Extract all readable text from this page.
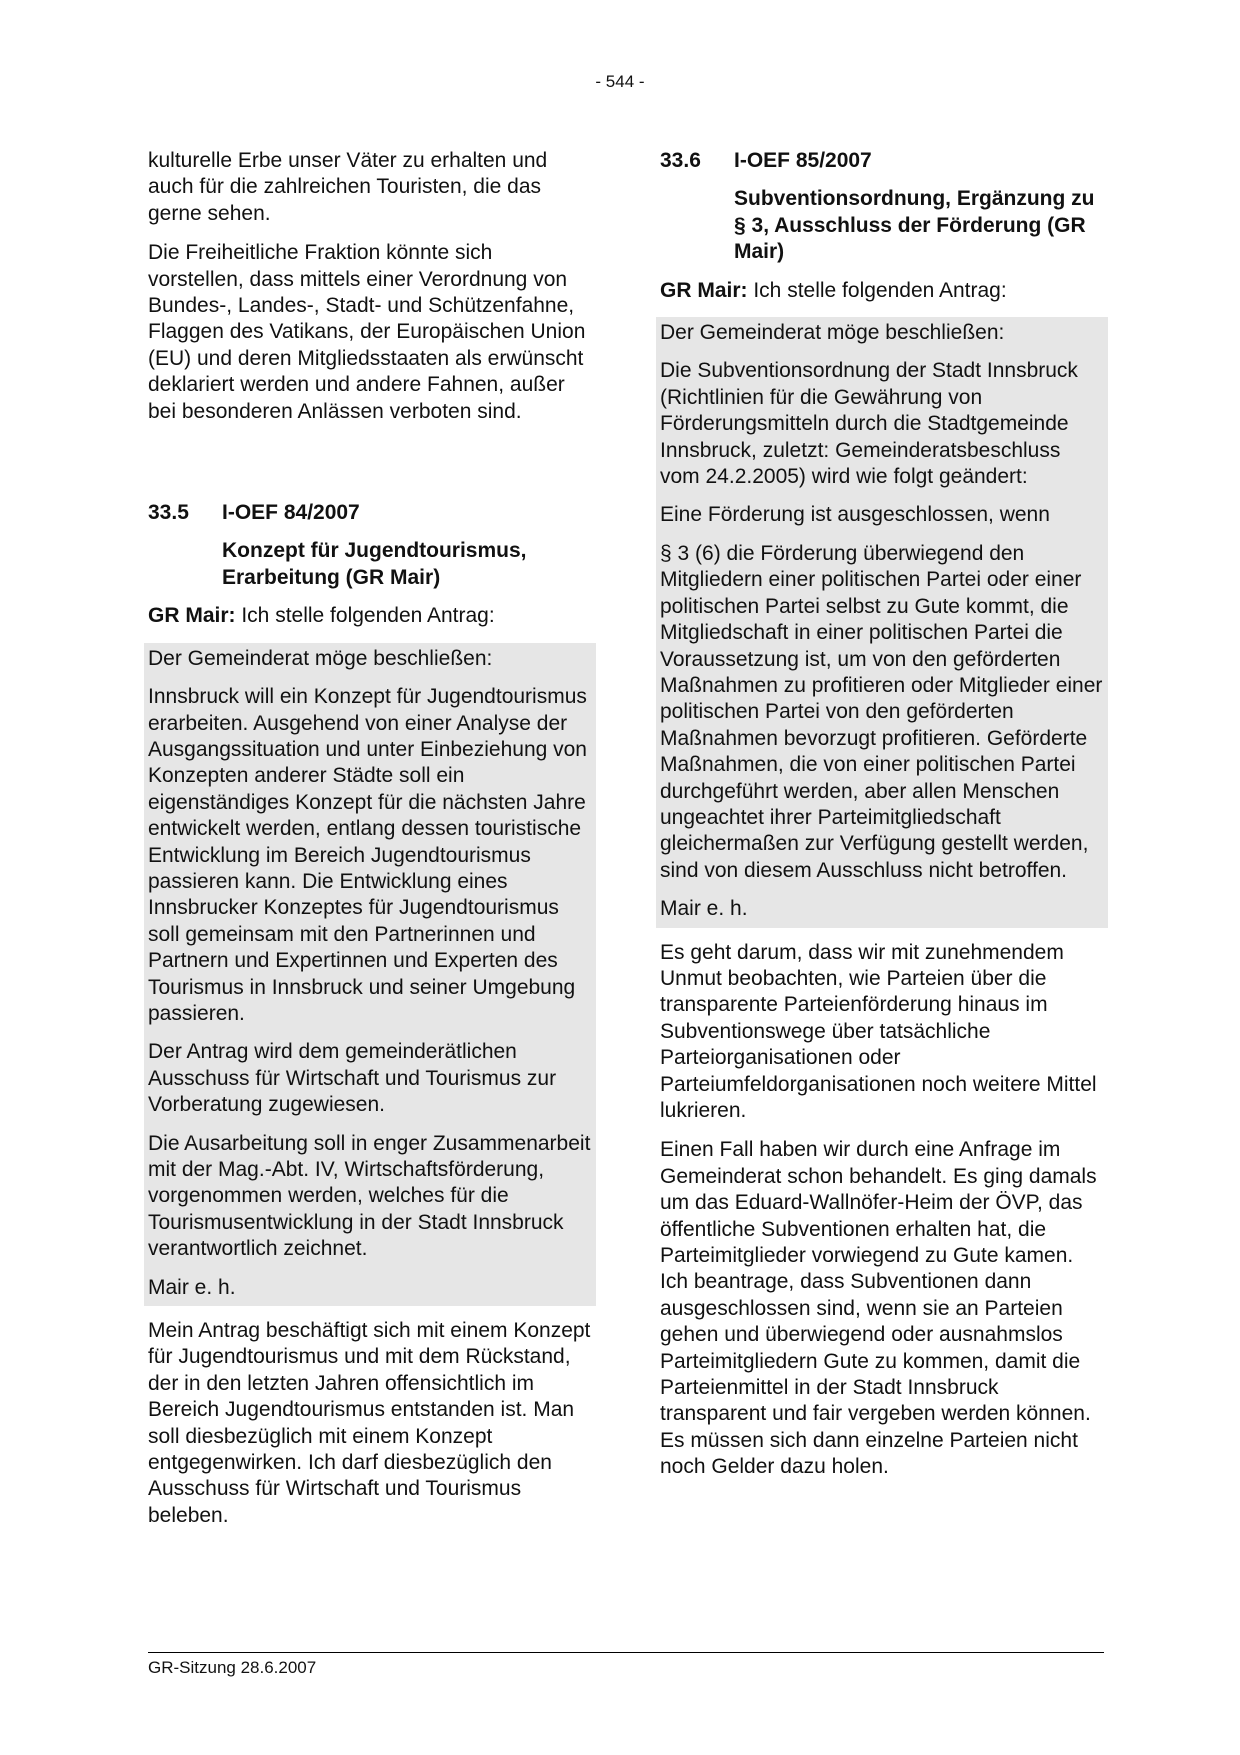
- 544 -

kulturelle Erbe unser Väter zu erhalten und auch für die zahlreichen Touristen, die das gerne sehen.

Die Freiheitliche Fraktion könnte sich vorstellen, dass mittels einer Verordnung von Bundes-, Landes-, Stadt- und Schützenfahne, Flaggen des Vatikans, der Europäischen Union (EU) und deren Mitgliedsstaaten als erwünscht deklariert werden und andere Fahnen, außer bei besonderen Anlässen verboten sind.

33.5	I-OEF 84/2007

Konzept für Jugendtourismus, Erarbeitung (GR Mair)

GR Mair: Ich stelle folgenden Antrag:

Der Gemeinderat möge beschließen:

Innsbruck will ein Konzept für Jugendtourismus erarbeiten. Ausgehend von einer Analyse der Ausgangssituation und unter Einbeziehung von Konzepten anderer Städte soll ein eigenständiges Konzept für die nächsten Jahre entwickelt werden, entlang dessen touristische Entwicklung im Bereich Jugendtourismus passieren kann. Die Entwicklung eines Innsbrucker Konzeptes für Jugendtourismus soll gemeinsam mit den Partnerinnen und Partnern und Expertinnen und Experten des Tourismus in Innsbruck und seiner Umgebung passieren.

Der Antrag wird dem gemeinderätlichen Ausschuss für Wirtschaft und Tourismus zur Vorberatung zugewiesen.

Die Ausarbeitung soll in enger Zusammenarbeit mit der Mag.-Abt. IV, Wirtschaftsförderung, vorgenommen werden, welches für die Tourismusentwicklung in der Stadt Innsbruck verantwortlich zeichnet.

Mair e. h.

Mein Antrag beschäftigt sich mit einem Konzept für Jugendtourismus und mit dem Rückstand, der in den letzten Jahren offensichtlich im Bereich Jugendtourismus entstanden ist. Man soll diesbezüglich mit einem Konzept entgegenwirken. Ich darf diesbezüglich den Ausschuss für Wirtschaft und Tourismus beleben.

33.6	I-OEF 85/2007

Subventionsordnung, Ergänzung zu § 3, Ausschluss der Förderung (GR Mair)

GR Mair: Ich stelle folgenden Antrag:

Der Gemeinderat möge beschließen:

Die Subventionsordnung der Stadt Innsbruck (Richtlinien für die Gewährung von Förderungsmitteln durch die Stadtgemeinde Innsbruck, zuletzt: Gemeinderatsbeschluss vom 24.2.2005) wird wie folgt geändert:

Eine Förderung ist ausgeschlossen, wenn

§ 3 (6) die Förderung überwiegend den Mitgliedern einer politischen Partei oder einer politischen Partei selbst zu Gute kommt, die Mitgliedschaft in einer politischen Partei die Voraussetzung ist, um von den geförderten Maßnahmen zu profitieren oder Mitglieder einer politischen Partei von den geförderten Maßnahmen bevorzugt profitieren. Geförderte Maßnahmen, die von einer politischen Partei durchgeführt werden, aber allen Menschen ungeachtet ihrer Parteimitgliedschaft gleichermaßen zur Verfügung gestellt werden, sind von diesem Ausschluss nicht betroffen.

Mair e. h.

Es geht darum, dass wir mit zunehmendem Unmut beobachten, wie Parteien über die transparente Parteienförderung hinaus im Subventionswege über tatsächliche Parteiorganisationen oder Parteiumfeldorganisationen noch weitere Mittel lukrieren.

Einen Fall haben wir durch eine Anfrage im Gemeinderat schon behandelt. Es ging damals um das Eduard-Wallnöfer-Heim der ÖVP, das öffentliche Subventionen erhalten hat, die Parteimitglieder vorwiegend zu Gute kamen. Ich beantrage, dass Subventionen dann ausgeschlossen sind, wenn sie an Parteien gehen und überwiegend oder ausnahmslos Parteimitgliedern Gute zu kommen, damit die Parteienmittel in der Stadt Innsbruck transparent und fair vergeben werden können. Es müssen sich dann einzelne Parteien nicht noch Gelder dazu holen.

GR-Sitzung 28.6.2007
